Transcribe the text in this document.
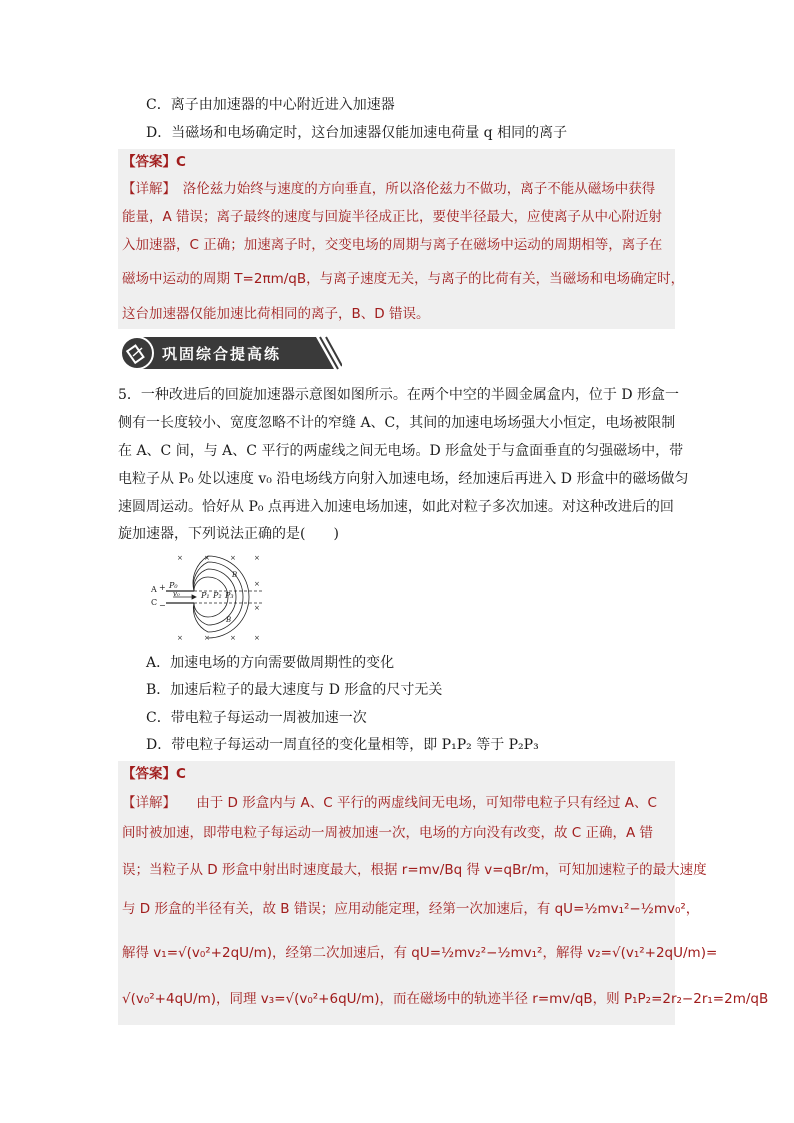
C．离子由加速器的中心附近进入加速器
D．当磁场和电场确定时，这台加速器仅能加速电荷量 q 相同的离子
【答案】C
【详解】　洛伦兹力始终与速度的方向垂直，所以洛伦兹力不做功，离子不能从磁场中获得
能量，A 错误；离子最终的速度与回旋半径成正比，要使半径最大，应使离子从中心附近射
入加速器，C 正确；加速离子时，交变电场的周期与离子在磁场中运动的周期相等，离子在
磁场中运动的周期 T=2πm/qB，与离子速度无关，与离子的比荷有关，当磁场和电场确定时，
这台加速器仅能加速比荷相同的离子，B、D 错误。
巩固综合提高练
5．一种改进后的回旋加速器示意图如图所示。在两个中空的半圆金属盒内，位于 D 形盒一
侧有一长度较小、宽度忽略不计的窄缝 A、C，其间的加速电场场强大小恒定，电场被限制
在 A、C 间，与 A、C 平行的两虚线之间无电场。D 形盒处于与盒面垂直的匀强磁场中，带
电粒子从 P₀ 处以速度 v₀ 沿电场线方向射入加速电场，经加速后再进入 D 形盒中的磁场做匀
速圆周运动。恰好从 P₀ 点再进入加速电场加速，如此对粒子多次加速。对这种改进后的回
旋加速器，下列说法正确的是(　　)
×	×	×	×
×
×
×	×	×	×
B
B
A + P₀
v₀
C −
P₁ P₂ P₃
A．加速电场的方向需要做周期性的变化
B．加速后粒子的最大速度与 D 形盒的尺寸无关
C．带电粒子每运动一周被加速一次
D．带电粒子每运动一周直径的变化量相等，即 P₁P₂ 等于 P₂P₃
【答案】C
【详解】　　由于 D 形盒内与 A、C 平行的两虚线间无电场，可知带电粒子只有经过 A、C
间时被加速，即带电粒子每运动一周被加速一次，电场的方向没有改变，故 C 正确，A 错
误；当粒子从 D 形盒中射出时速度最大，根据 r=mv/Bq 得 v=qBr/m，可知加速粒子的最大速度
与 D 形盒的半径有关，故 B 错误；应用动能定理，经第一次加速后，有 qU=½mv₁²−½mv₀²，
解得 v₁=√(v₀²+2qU/m)，经第二次加速后，有 qU=½mv₂²−½mv₁²，解得 v₂=√(v₁²+2qU/m)=
√(v₀²+4qU/m)，同理 v₃=√(v₀²+6qU/m)，而在磁场中的轨迹半径 r=mv/qB，则 P₁P₂=2r₂−2r₁=2m/qB
